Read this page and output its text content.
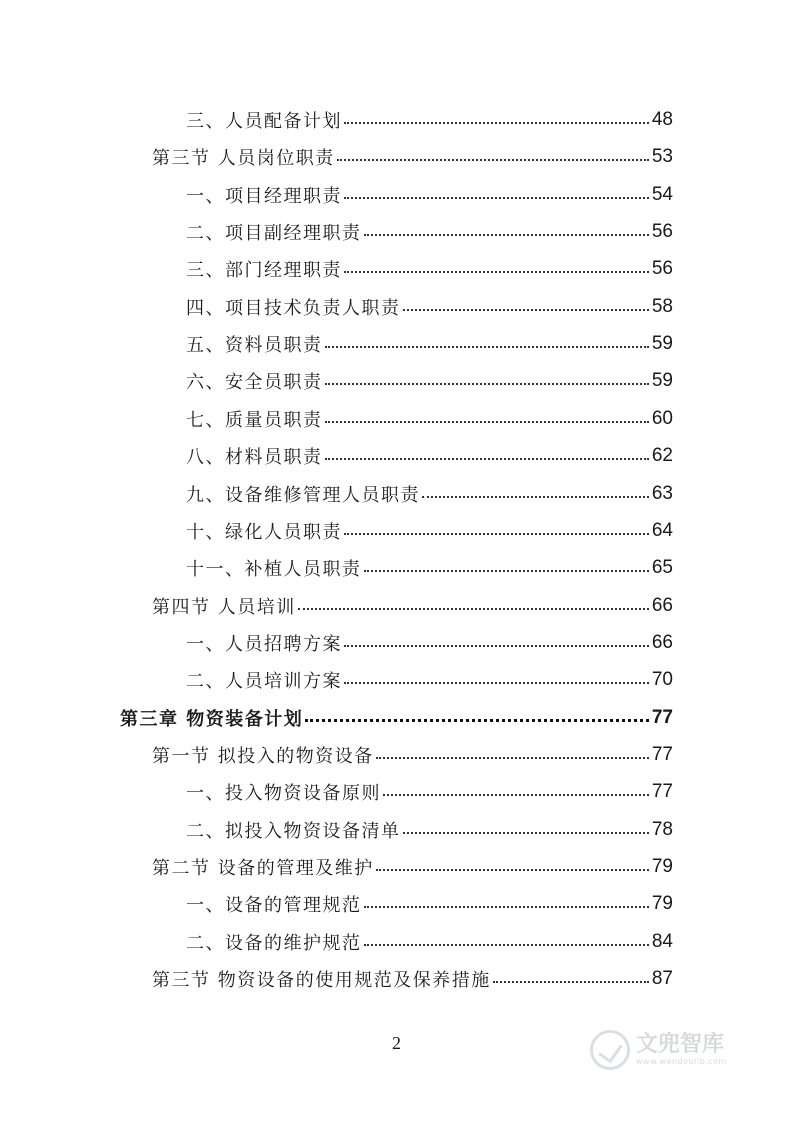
三、人员配备计划	48
第三节 人员岗位职责	53
一、项目经理职责	54
二、项目副经理职责	56
三、部门经理职责	56
四、项目技术负责人职责	58
五、资料员职责	59
六、安全员职责	59
七、质量员职责	60
八、材料员职责	62
九、设备维修管理人员职责	63
十、绿化人员职责	64
十一、补植人员职责	65
第四节 人员培训	66
一、人员招聘方案	66
二、人员培训方案	70
第三章 物资装备计划	77
第一节 拟投入的物资设备	77
一、投入物资设备原则	77
二、拟投入物资设备清单	78
第二节 设备的管理及维护	79
一、设备的管理规范	79
二、设备的维护规范	84
第三节 物资设备的使用规范及保养措施	87
2	文兜智库
www.wendoulib.com
